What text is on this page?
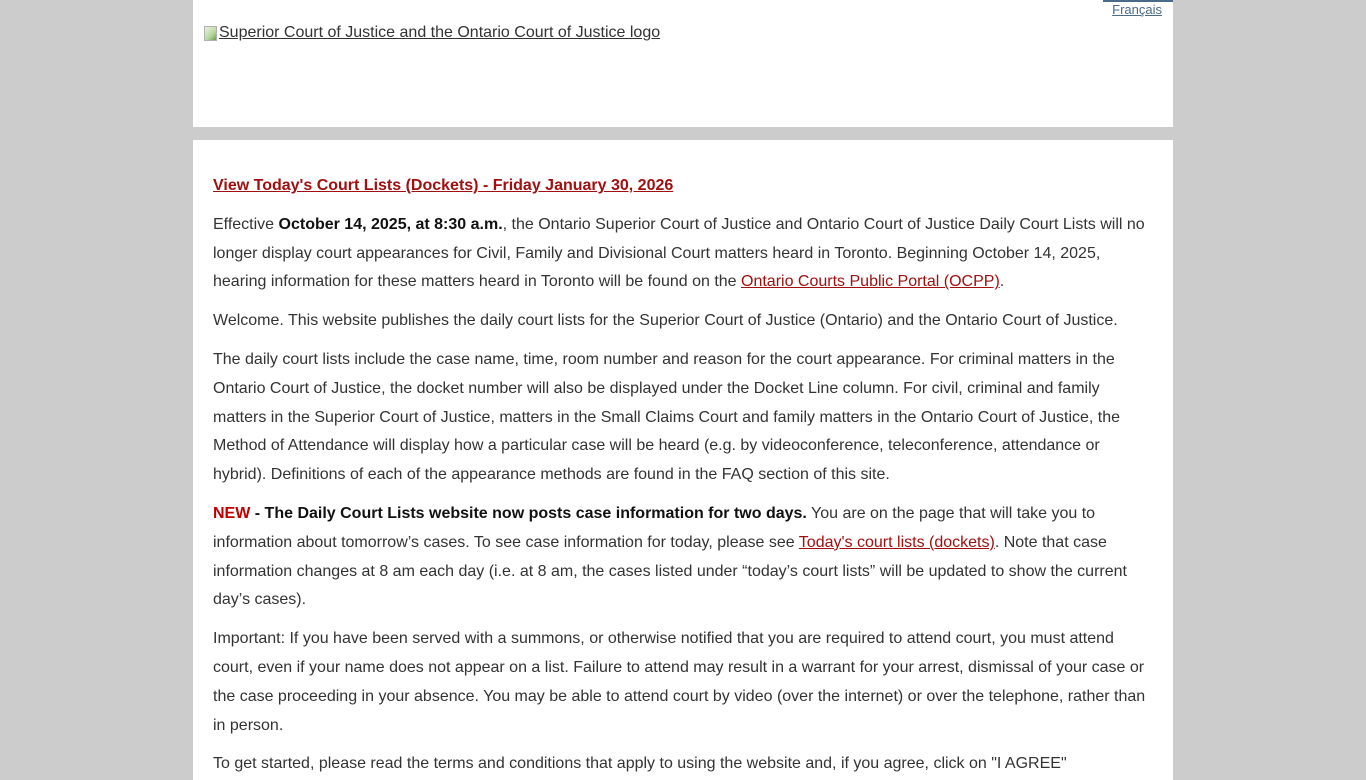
Français
Superior Court of Justice and the Ontario Court of Justice logo

View Today's Court Lists (Dockets) - Friday January 30, 2026

Effective October 14, 2025, at 8:30 a.m., the Ontario Superior Court of Justice and Ontario Court of Justice Daily Court Lists will no longer display court appearances for Civil, Family and Divisional Court matters heard in Toronto. Beginning October 14, 2025, hearing information for these matters heard in Toronto will be found on the Ontario Courts Public Portal (OCPP).

Welcome. This website publishes the daily court lists for the Superior Court of Justice (Ontario) and the Ontario Court of Justice.

The daily court lists include the case name, time, room number and reason for the court appearance. For criminal matters in the Ontario Court of Justice, the docket number will also be displayed under the Docket Line column. For civil, criminal and family matters in the Superior Court of Justice, matters in the Small Claims Court and family matters in the Ontario Court of Justice, the Method of Attendance will display how a particular case will be heard (e.g. by videoconference, teleconference, attendance or hybrid). Definitions of each of the appearance methods are found in the FAQ section of this site.

NEW - The Daily Court Lists website now posts case information for two days. You are on the page that will take you to information about tomorrow’s cases. To see case information for today, please see Today's court lists (dockets). Note that case information changes at 8 am each day (i.e. at 8 am, the cases listed under “today’s court lists” will be updated to show the current day’s cases).

Important: If you have been served with a summons, or otherwise notified that you are required to attend court, you must attend court, even if your name does not appear on a list. Failure to attend may result in a warrant for your arrest, dismissal of your case or the case proceeding in your absence. You may be able to attend court by video (over the internet) or over the telephone, rather than in person.

To get started, please read the terms and conditions that apply to using the website and, if you agree, click on "I AGREE"
